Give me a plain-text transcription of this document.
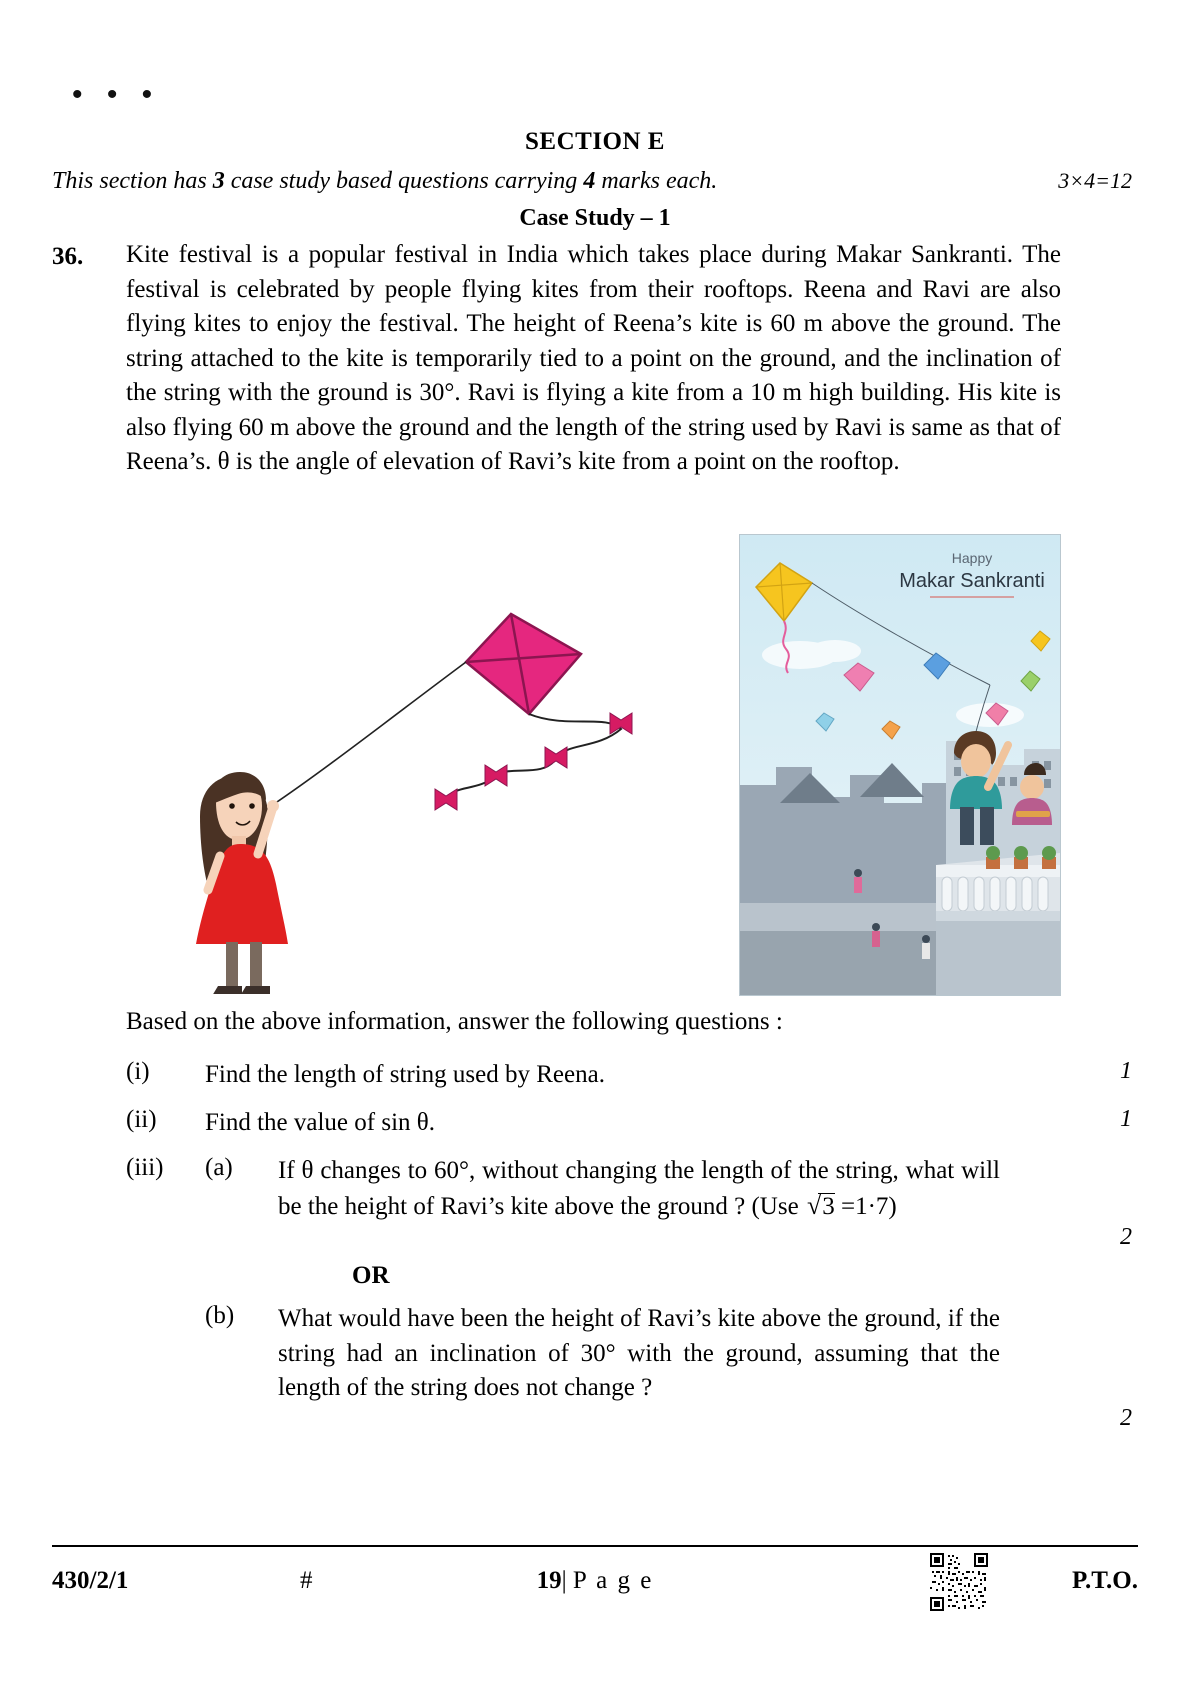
• • •
SECTION E
This section has 3 case study based questions carrying 4 marks each.	3×4=12
Case Study – 1
36. Kite festival is a popular festival in India which takes place during Makar Sankranti. The festival is celebrated by people flying kites from their rooftops. Reena and Ravi are also flying kites to enjoy the festival. The height of Reena’s kite is 60 m above the ground. The string attached to the kite is temporarily tied to a point on the ground, and the inclination of the string with the ground is 30°. Ravi is flying a kite from a 10 m high building. His kite is also flying 60 m above the ground and the length of the string used by Ravi is same as that of Reena’s. θ is the angle of elevation of Ravi’s kite from a point on the rooftop.
Happy
Makar Sankranti
Based on the above information, answer the following questions :
(i) Find the length of string used by Reena.	1
(ii) Find the value of sin θ.	1
(iii) (a) If θ changes to 60°, without changing the length of the string, what will be the height of Ravi’s kite above the ground ? (Use √
3 =1·7)
2
OR
(b) What would have been the height of Ravi’s kite above the ground, if the string had an inclination of 30° with the ground, assuming that the length of the string does not change ?
2
430/2/1	#	19| P a g e	P.T.O.
